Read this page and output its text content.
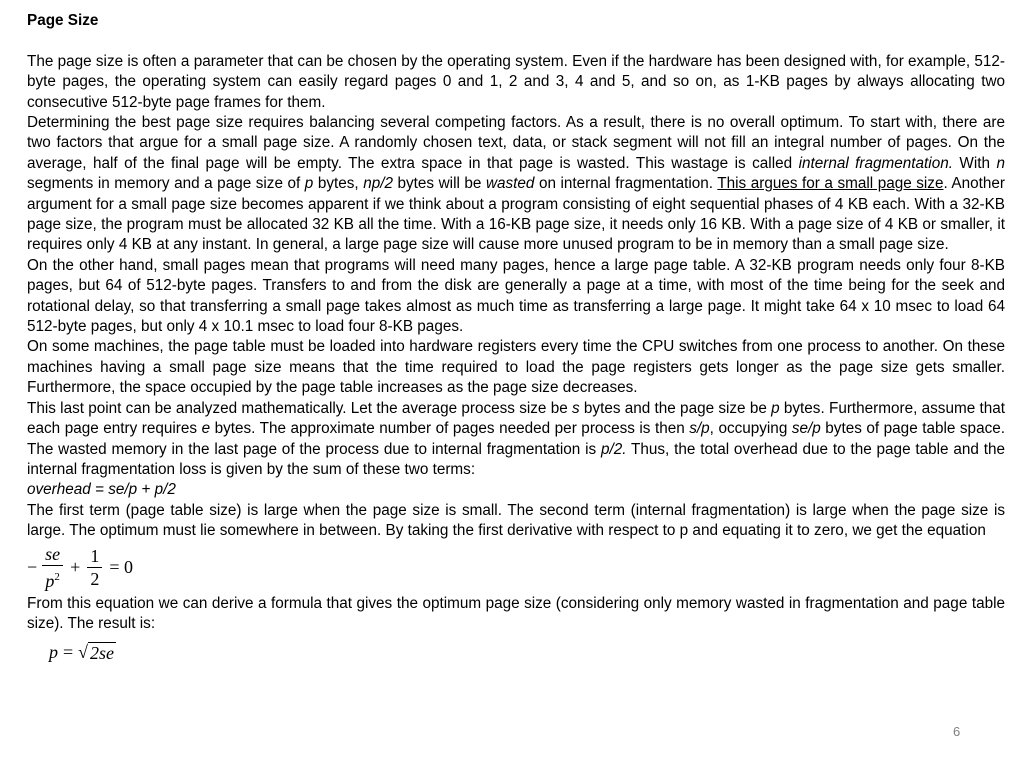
Page Size

The page size is often a parameter that can be chosen by the operating system. Even if the hardware has been designed with, for example, 512-byte pages, the operating system can easily regard pages 0 and 1, 2 and 3, 4 and 5, and so on, as 1-KB pages by always allocating two consecutive 512-byte page frames for them.

Determining the best page size requires balancing several competing factors. As a result, there is no overall optimum. To start with, there are two factors that argue for a small page size. A randomly chosen text, data, or stack segment will not fill an integral number of pages. On the average, half of the final page will be empty. The extra space in that page is wasted. This wastage is called internal fragmentation. With n segments in memory and a page size of p bytes, np/2 bytes will be wasted on internal fragmentation. This argues for a small page size. Another argument for a small page size becomes apparent if we think about a program consisting of eight sequential phases of 4 KB each. With a 32-KB page size, the program must be allocated 32 KB all the time. With a 16-KB page size, it needs only 16 KB. With a page size of 4 KB or smaller, it requires only 4 KB at any instant. In general, a large page size will cause more unused program to be in memory than a small page size.

On the other hand, small pages mean that programs will need many pages, hence a large page table. A 32-KB program needs only four 8-KB pages, but 64 of 512-byte pages. Transfers to and from the disk are generally a page at a time, with most of the time being for the seek and rotational delay, so that transferring a small page takes almost as much time as transferring a large page. It might take 64 x 10 msec to load 64 512-byte pages, but only 4 x 10.1 msec to load four 8-KB pages.

On some machines, the page table must be loaded into hardware registers every time the CPU switches from one process to another. On these machines having a small page size means that the time required to load the page registers gets longer as the page size gets smaller. Furthermore, the space occupied by the page table increases as the page size decreases.

This last point can be analyzed mathematically. Let the average process size be s bytes and the page size be p bytes. Furthermore, assume that each page entry requires e bytes. The approximate number of pages needed per process is then s/p, occupying se/p bytes of page table space. The wasted memory in the last page of the process due to internal fragmentation is p/2. Thus, the total overhead due to the page table and the internal fragmentation loss is given by the sum of these two terms:

overhead = se/p + p/2

The first term (page table size) is large when the page size is small. The second term (internal fragmentation) is large when the page size is large. The optimum must lie somewhere in between. By taking the first derivative with respect to p and equating it to zero, we get the equation

− $\frac{se}{p^2} + \frac{1}{2} = 0$

From this equation we can derive a formula that gives the optimum page size (considering only memory wasted in fragmentation and page table size). The result is:

p = √ 2se
6
